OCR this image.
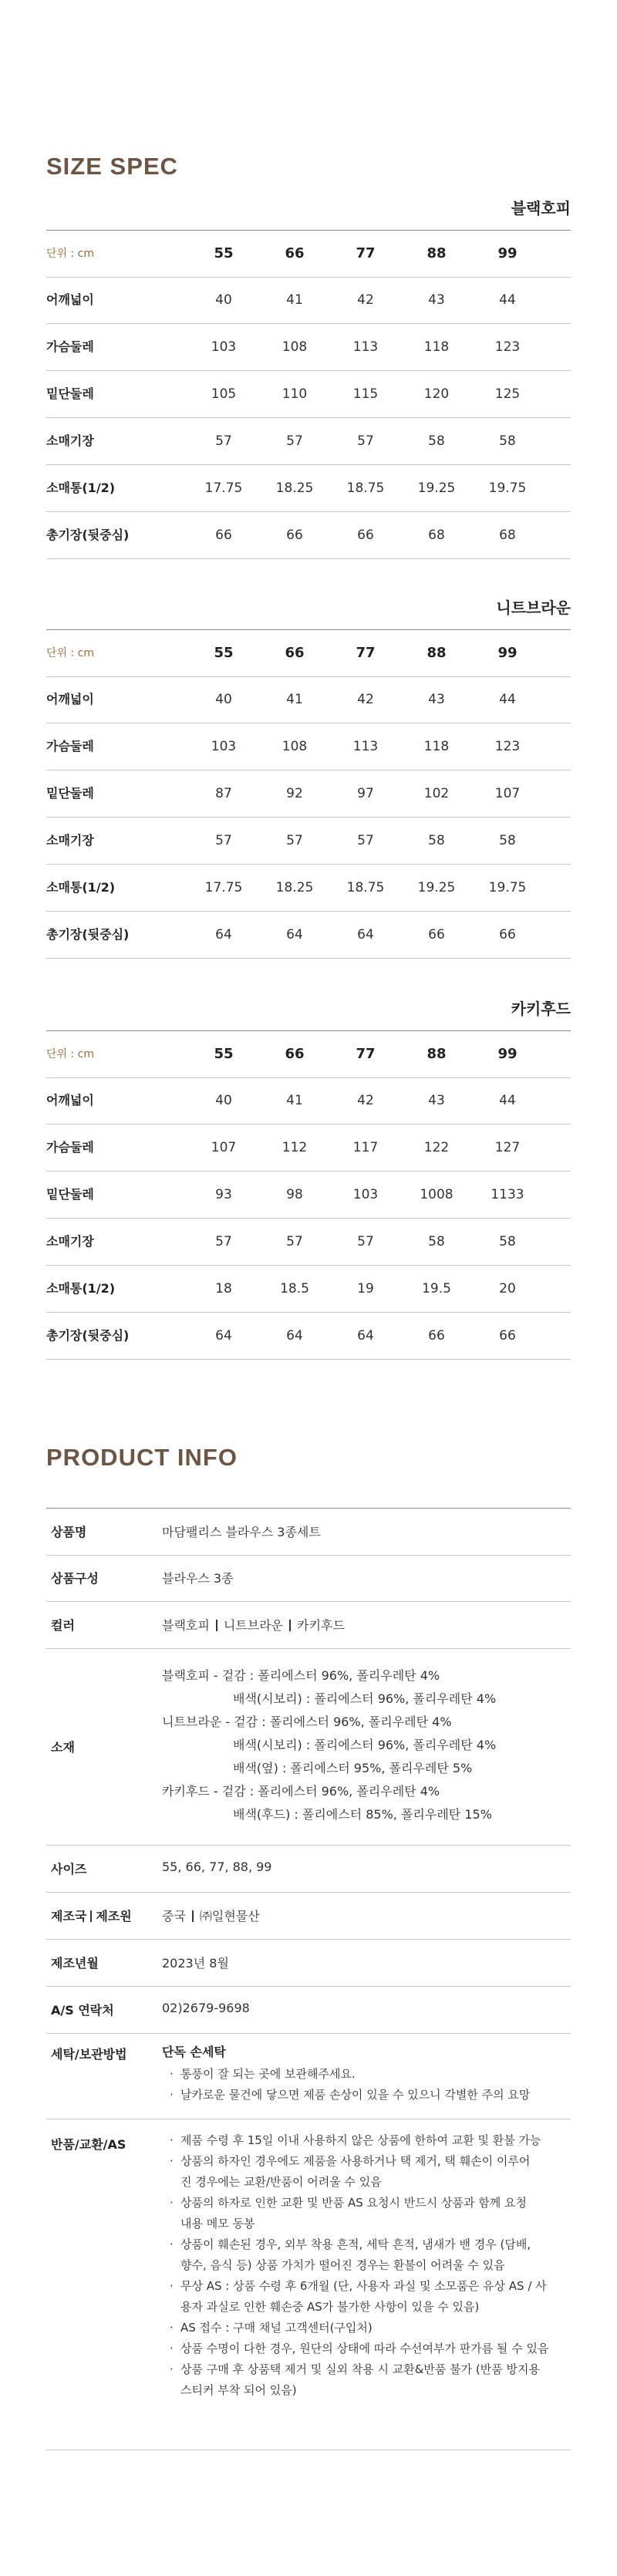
SIZE SPEC
블랙호피
단위 : cm	55	66	77	88	99
어깨넓이	40	41	42	43	44
가슴둘레	103	108	113	118	123
밑단둘레	105	110	115	120	125
소매기장	57	57	57	58	58
소매통(1/2)	17.75	18.25	18.75	19.25	19.75
총기장(뒷중심)	66	66	66	68	68
니트브라운
단위 : cm	55	66	77	88	99
어깨넓이	40	41	42	43	44
가슴둘레	103	108	113	118	123
밑단둘레	87	92	97	102	107
소매기장	57	57	57	58	58
소매통(1/2)	17.75	18.25	18.75	19.25	19.75
총기장(뒷중심)	64	64	64	66	66
카키후드
단위 : cm	55	66	77	88	99
어깨넓이	40	41	42	43	44
가슴둘레	107	112	117	122	127
밑단둘레	93	98	103	1008	1133
소매기장	57	57	57	58	58
소매통(1/2)	18	18.5	19	19.5	20
총기장(뒷중심)	64	64	64	66	66
PRODUCT INFO
상품명	마담팰리스 블라우스 3종세트
상품구성	블라우스 3종
컬러	블랙호피 니트브라운 카키후드
소재
블랙호피 - 겉감 : 폴리에스터 96%, 폴리우레탄 4%
배색(시보리) : 폴리에스터 96%, 폴리우레탄 4%
니트브라운 - 겉감 : 폴리에스터 96%, 폴리우레탄 4%
배색(시보리) : 폴리에스터 96%, 폴리우레탄 4%
배색(옆) : 폴리에스터 95%, 폴리우레탄 5%
카키후드 - 겉감 : 폴리에스터 96%, 폴리우레탄 4%
배색(후드) : 폴리에스터 85%, 폴리우레탄 15%
사이즈	55, 66, 77, 88, 99
제조국 제조원 중국 ㈜일현물산
제조년월	2023년 8월
A/S 연락처	02)2679-9698
세탁/보관방법	단독 손세탁
· 통풍이 잘 되는 곳에 보관해주세요.
· 날카로운 물건에 닿으면 제품 손상이 있을 수 있으니 각별한 주의 요망
반품/교환/AS
·	제품 수령 후 15일 이내 사용하지 않은 상품에 한하여 교환 및 환불 가능
· 상품의 하자인 경우에도 제품을 사용하거나 택 제거, 택 훼손이 이루어
진 경우에는 교환/반품이 어려울 수 있음
· 상품의 하자로 인한 교환 및 반품 AS 요청시 반드시 상품과 함께 요청
내용 메모 동봉
· 상품이 훼손된 경우, 외부 착용 흔적, 세탁 흔적, 냄새가 밴 경우 (담배,
향수, 음식 등) 상품 가치가 떨어진 경우는 환불이 어려울 수 있음
· 무상 AS : 상품 수령 후 6개월 (단, 사용자 과실 및 소모품은 유상 AS / 사
용자 과실로 인한 훼손중 AS가 불가한 사항이 있을 수 있음)
· AS 접수 : 구매 채널 고객센터(구입처)
· 상품 수명이 다한 경우, 원단의 상태에 따라 수선여부가 판가름 될 수 있음
· 상품 구매 후 상품택 제거 및 실외 착용 시 교환&반품 불가 (반품 방지용
스티커 부착 되어 있음)
